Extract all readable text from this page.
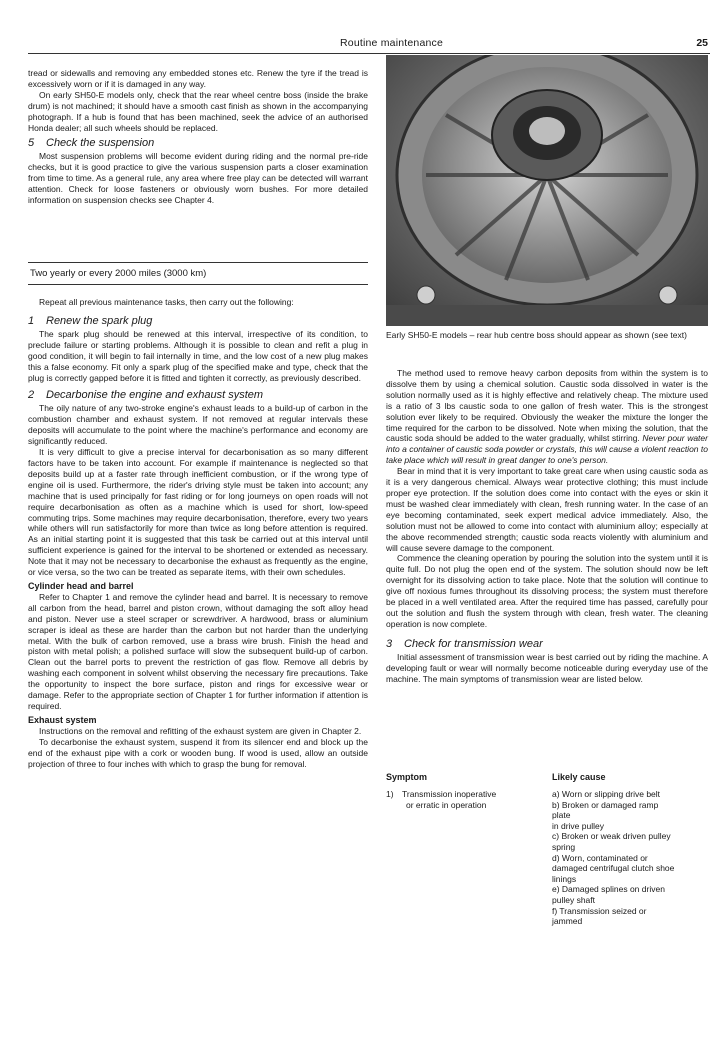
Routine maintenance	25

tread or sidewalls and removing any embedded stones etc. Renew the tyre if the tread is excessively worn or if it is damaged in any way.

On early SH50-E models only, check that the rear wheel centre boss (inside the brake drum) is not machined; it should have a smooth cast finish as shown in the accompanying photograph. If a hub is found that has been machined, seek the advice of an authorised Honda dealer; all such wheels should be replaced.

5 Check the suspension

Most suspension problems will become evident during riding and the normal pre-ride checks, but it is good practice to give the various suspension parts a closer examination from time to time. As a general rule, any area where free play can be detected will warrant attention. Check for loose fasteners or obviously worn bushes. For more detailed information on suspension checks see Chapter 4.

Two yearly or every 2000 miles (3000 km)

Repeat all previous maintenance tasks, then carry out the following:

1 Renew the spark plug

The spark plug should be renewed at this interval, irrespective of its condition, to preclude failure or starting problems. Although it is possible to clean and refit a plug in good condition, it will begin to fail internally in time, and the low cost of a new plug makes this a false economy. Fit only a spark plug of the specified make and type, check that the plug is correctly gapped before it is fitted and tighten it correctly, as previously described.

2 Decarbonise the engine and exhaust system

The oily nature of any two-stroke engine's exhaust leads to a build-up of carbon in the combustion chamber and exhaust system. If not removed at regular intervals these deposits will accumulate to the point where the machine's performance and economy are significantly reduced.

It is very difficult to give a precise interval for decarbonisation as so many different factors have to be taken into account. For example if maintenance is neglected so that deposits build up at a faster rate through inefficient combustion, or if the wrong type of engine oil is used. Furthermore, the rider's driving style must be taken into account; any machine that is used principally for fast riding or for long journeys on open roads will not require decarbonisation as often as a machine which is used for short, low-speed commuting trips. Some machines may require decarbonisation, therefore, every two years while others will run satisfactorily for more than twice as long before attention is required. As an initial starting point it is suggested that this task be carried out at this interval until sufficient experience is gained for the interval to be shortened or extended as necessary. Note that it may not be necessary to decarbonise the exhaust as frequently as the engine, or vice versa, so the two can be treated as separate items, with their own schedules.

Cylinder head and barrel

Refer to Chapter 1 and remove the cylinder head and barrel. It is necessary to remove all carbon from the head, barrel and piston crown, without damaging the soft alloy head and piston. Never use a steel scraper or screwdriver. A hardwood, brass or aluminium scraper is ideal as these are harder than the carbon but not harder than the underlying metal. With the bulk of carbon removed, use a brass wire brush. Finish the head and piston with metal polish; a polished surface will slow the subsequent build-up of carbon. Clean out the barrel ports to prevent the restriction of gas flow. Remove all debris by washing each component in solvent whilst observing the necessary fire precautions. Take the opportunity to inspect the bore surface, piston and rings for excessive wear or damage. Refer to the appropriate section of Chapter 1 for further information if attention is required.

Exhaust system

Instructions on the removal and refitting of the exhaust system are given in Chapter 2.

To decarbonise the exhaust system, suspend it from its silencer end and block up the end of the exhaust pipe with a cork or wooden bung. If wood is used, allow an outside projection of three to four inches with which to grasp the bung for removal.

Early SH50-E models – rear hub centre boss should appear as shown (see text)

The method used to remove heavy carbon deposits from within the system is to dissolve them by using a chemical solution. Caustic soda dissolved in water is the solution normally used as it is highly effective and relatively cheap. The mixture used is a ratio of 3 lbs caustic soda to one gallon of fresh water. This is the strongest solution ever likely to be required. Obviously the weaker the mixture the longer the time required for the carbon to be dissolved. Note when mixing the solution, that the caustic soda should be added to the water gradually, whilst stirring. Never pour water into a container of caustic soda powder or crystals, this will cause a violent reaction to take place which will result in great danger to one's person.

Bear in mind that it is very important to take great care when using caustic soda as it is a very dangerous chemical. Always wear protective clothing; this must include proper eye protection. If the solution does come into contact with the eyes or skin it must be washed clear immediately with clean, fresh running water. In the case of an eye becoming contaminated, seek expert medical advice immediately. Also, the solution must not be allowed to come into contact with aluminium alloy; especially at the above recommended strength; caustic soda reacts violently with aluminium and will cause severe damage to the component.

Commence the cleaning operation by pouring the solution into the system until it is quite full. Do not plug the open end of the system. The solution should now be left overnight for its dissolving action to take place. Note that the solution will continue to give off noxious fumes throughout its dissolving process; the system must therefore be placed in a well ventilated area. After the required time has passed, carefully pour out the solution and flush the system through with clean, fresh water. The cleaning operation is now complete.

3 Check for transmission wear

Initial assessment of transmission wear is best carried out by riding the machine. A developing fault or wear will normally become noticeable during everyday use of the machine. The main symptoms of transmission wear are listed below.

Symptom	Likely cause
1) Transmission inoperative
or erratic in operation
a) Worn or slipping drive belt
b) Broken or damaged ramp
plate
in drive pulley
c) Broken or weak driven pulley
spring
d) Worn, contaminated or
damaged centrifugal clutch shoe
linings
e) Damaged splines on driven
pulley shaft
f) Transmission seized or
jammed
